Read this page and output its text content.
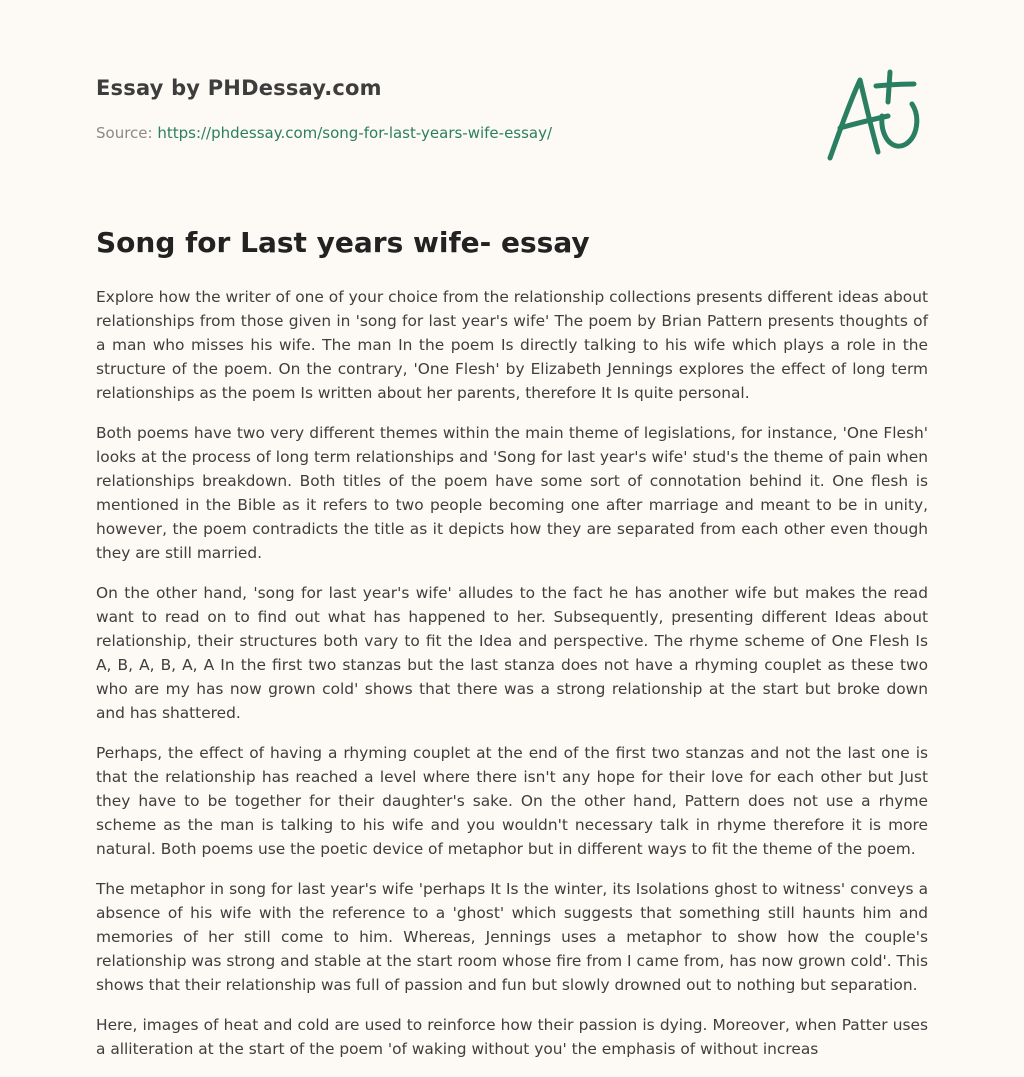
Essay by PHDessay.com
Source: https://phdessay.com/song-for-last-years-wife-essay/
Song for Last years wife- essay

Explore how the writer of one of your choice from the relationship collections presents different ideas about relationships from those given in 'song for last year's wife' The poem by Brian Pattern presents thoughts of a man who misses his wife. The man In the poem Is directly talking to his wife which plays a role in the structure of the poem. On the contrary, 'One Flesh' by Elizabeth Jennings explores the effect of long term relationships as the poem Is written about her parents, therefore It Is quite personal.

Both poems have two very different themes within the main theme of legislations, for instance, 'One Flesh' looks at the process of long term relationships and 'Song for last year's wife' stud's the theme of pain when relationships breakdown. Both titles of the poem have some sort of connotation behind it. One flesh is mentioned in the Bible as it refers to two people becoming one after marriage and meant to be in unity, however, the poem contradicts the title as it depicts how they are separated from each other even though they are still married.

On the other hand, 'song for last year's wife' alludes to the fact he has another wife but makes the read want to read on to find out what has happened to her. Subsequently, presenting different Ideas about relationship, their structures both vary to fit the Idea and perspective. The rhyme scheme of One Flesh Is A, B, A, B, A, A In the first two stanzas but the last stanza does not have a rhyming couplet as these two who are my has now grown cold' shows that there was a strong relationship at the start but broke down and has shattered.

Perhaps, the effect of having a rhyming couplet at the end of the first two stanzas and not the last one is that the relationship has reached a level where there isn't any hope for their love for each other but Just they have to be together for their daughter's sake. On the other hand, Pattern does not use a rhyme scheme as the man is talking to his wife and you wouldn't necessary talk in rhyme therefore it is more natural. Both poems use the poetic device of metaphor but in different ways to fit the theme of the poem.

The metaphor in song for last year's wife 'perhaps It Is the winter, its Isolations ghost to witness' conveys a absence of his wife with the reference to a 'ghost' which suggests that something still haunts him and memories of her still come to him. Whereas, Jennings uses a metaphor to show how the couple's relationship was strong and stable at the start room whose fire from I came from, has now grown cold'. This shows that their relationship was full of passion and fun but slowly drowned out to nothing but separation.

Here, images of heat and cold are used to reinforce how their passion is dying. Moreover, when Patter uses a alliteration at the start of the poem 'of waking without you' the emphasis of without increas
